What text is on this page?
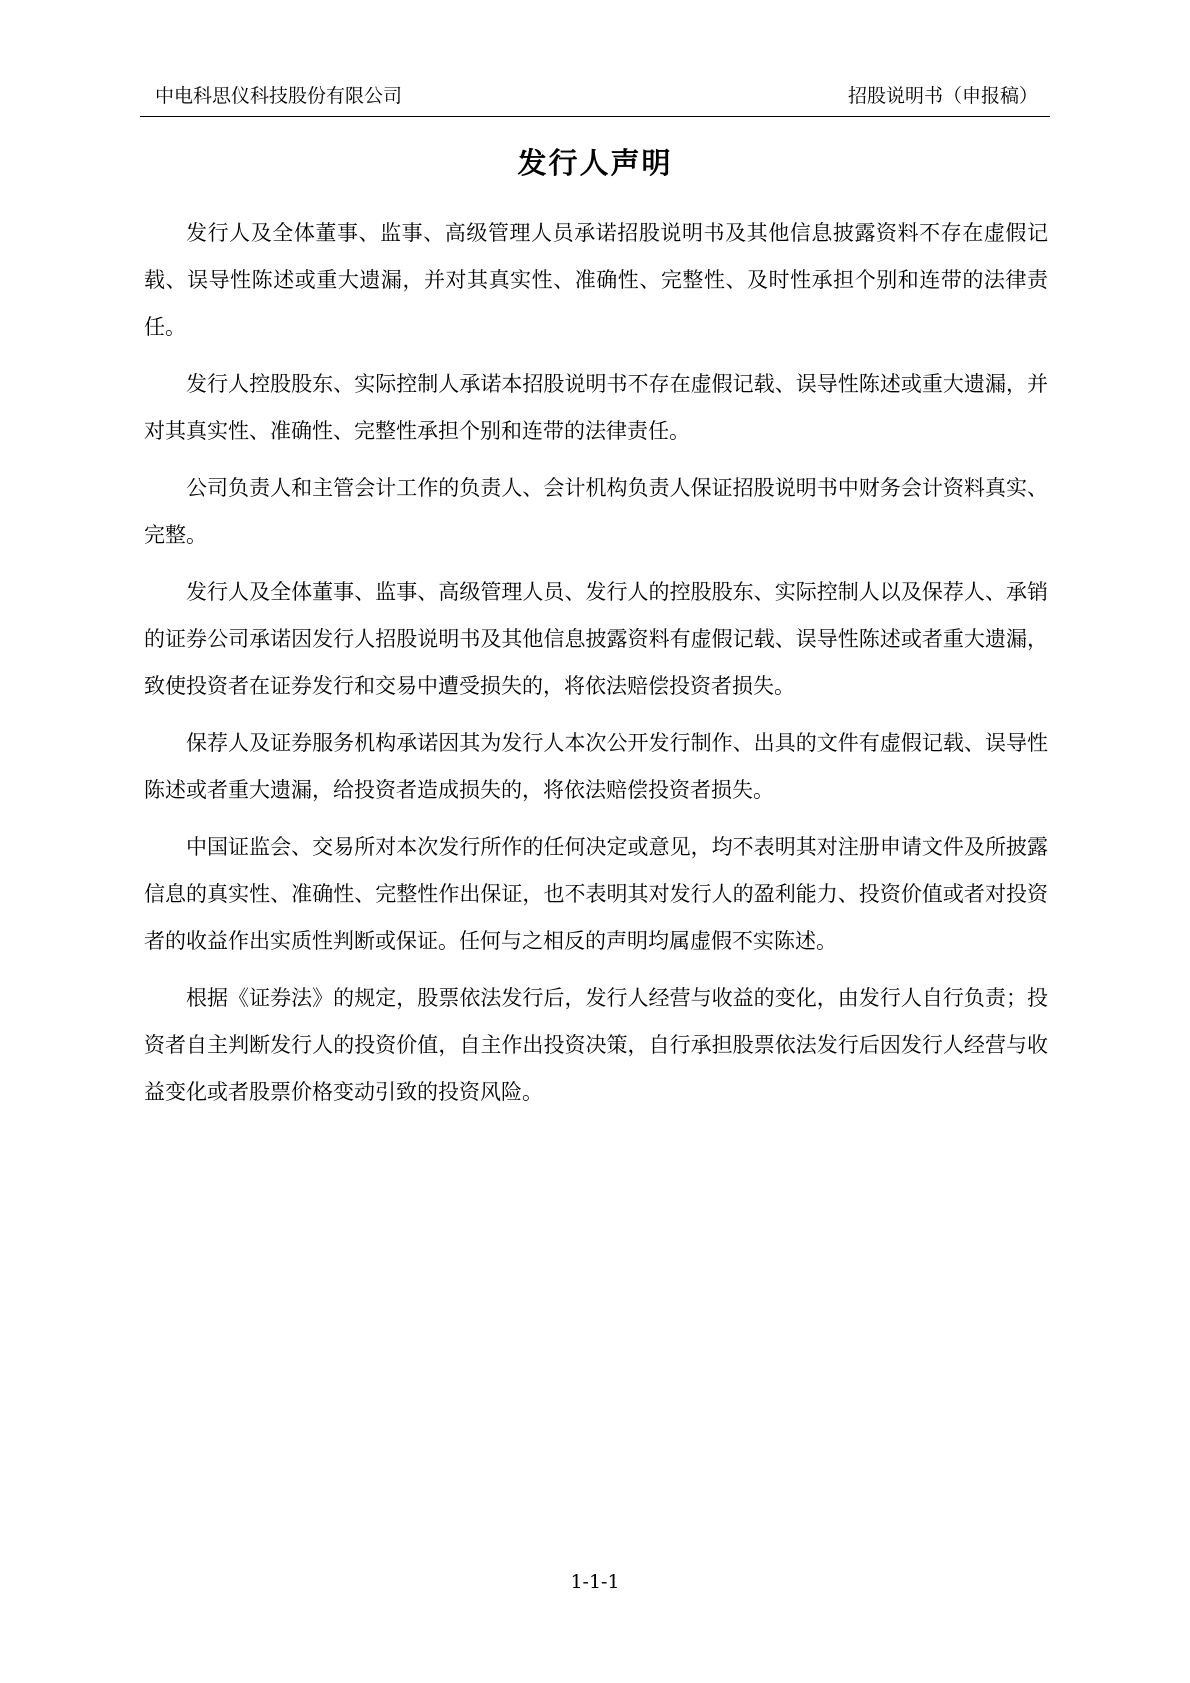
中电科思仪科技股份有限公司	招股说明书（申报稿）
发行人声明

发行人及全体董事、监事、高级管理人员承诺招股说明书及其他信息披露资料不存在虚假记载、误导性陈述或重大遗漏，并对其真实性、准确性、完整性、及时性承担个别和连带的法律责任。

发行人控股股东、实际控制人承诺本招股说明书不存在虚假记载、误导性陈述或重大遗漏，并对其真实性、准确性、完整性承担个别和连带的法律责任。

公司负责人和主管会计工作的负责人、会计机构负责人保证招股说明书中财务会计资料真实、完整。

发行人及全体董事、监事、高级管理人员、发行人的控股股东、实际控制人以及保荐人、承销的证券公司承诺因发行人招股说明书及其他信息披露资料有虚假记载、误导性陈述或者重大遗漏，致使投资者在证券发行和交易中遭受损失的，将依法赔偿投资者损失。

保荐人及证券服务机构承诺因其为发行人本次公开发行制作、出具的文件有虚假记载、误导性陈述或者重大遗漏，给投资者造成损失的，将依法赔偿投资者损失。

中国证监会、交易所对本次发行所作的任何决定或意见，均不表明其对注册申请文件及所披露信息的真实性、准确性、完整性作出保证，也不表明其对发行人的盈利能力、投资价值或者对投资者的收益作出实质性判断或保证。任何与之相反的声明均属虚假不实陈述。

根据《证券法》的规定，股票依法发行后，发行人经营与收益的变化，由发行人自行负责；投资者自主判断发行人的投资价值，自主作出投资决策，自行承担股票依法发行后因发行人经营与收益变化或者股票价格变动引致的投资风险。

1-1-1
